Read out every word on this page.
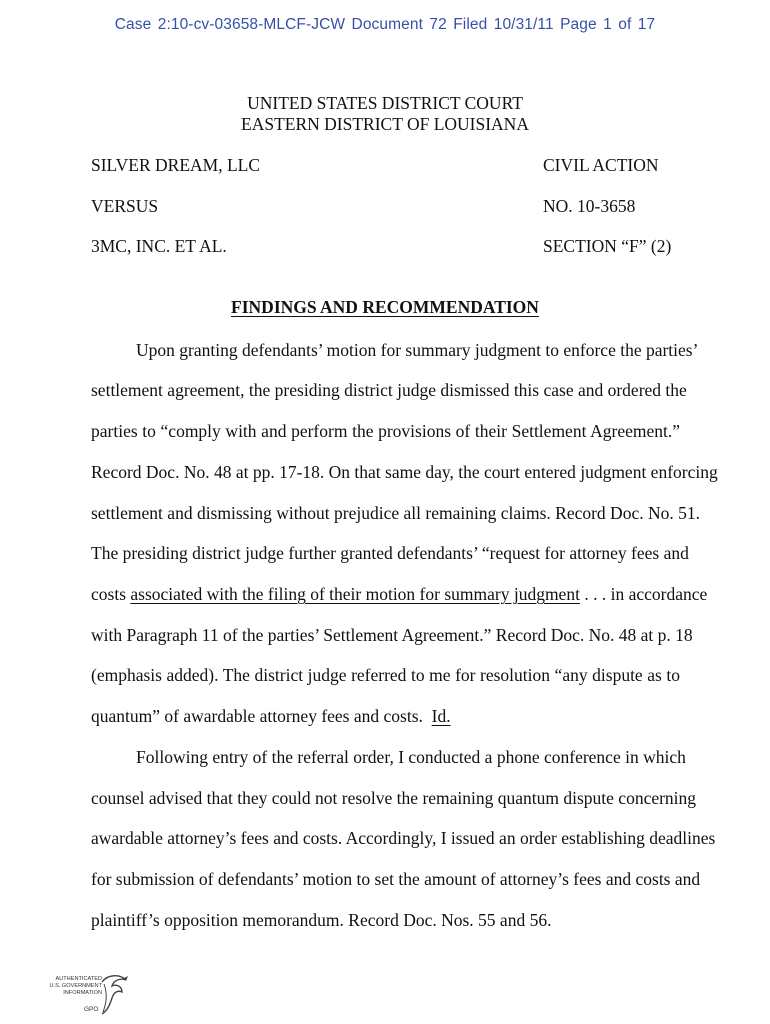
Case 2:10-cv-03658-MLCF-JCW Document 72 Filed 10/31/11 Page 1 of 17
UNITED STATES DISTRICT COURT
EASTERN DISTRICT OF LOUISIANA
SILVER DREAM, LLC	CIVIL ACTION
VERSUS	NO. 10-3658
3MC, INC. ET AL.	SECTION “F” (2)
FINDINGS AND RECOMMENDATION
Upon granting defendants’ motion for summary judgment to enforce the parties’
settlement agreement, the presiding district judge dismissed this case and ordered the
parties to “comply with and perform the provisions of their Settlement Agreement.”
Record Doc. No. 48 at pp. 17-18. On that same day, the court entered judgment enforcing
settlement and dismissing without prejudice all remaining claims. Record Doc. No. 51.
The presiding district judge further granted defendants’ “request for attorney fees and
costs associated with the filing of their motion for summary judgment . . . in accordance
with Paragraph 11 of the parties’ Settlement Agreement.” Record Doc. No. 48 at p. 18
(emphasis added). The district judge referred to me for resolution “any dispute as to
quantum” of awardable attorney fees and costs. Id.
Following entry of the referral order, I conducted a phone conference in which
counsel advised that they could not resolve the remaining quantum dispute concerning
awardable attorney’s fees and costs. Accordingly, I issued an order establishing deadlines
for submission of defendants’ motion to set the amount of attorney’s fees and costs and
plaintiff’s opposition memorandum. Record Doc. Nos. 55 and 56.
AUTHENTICATED
U.S. GOVERNMENT
INFORMATION
GPO
